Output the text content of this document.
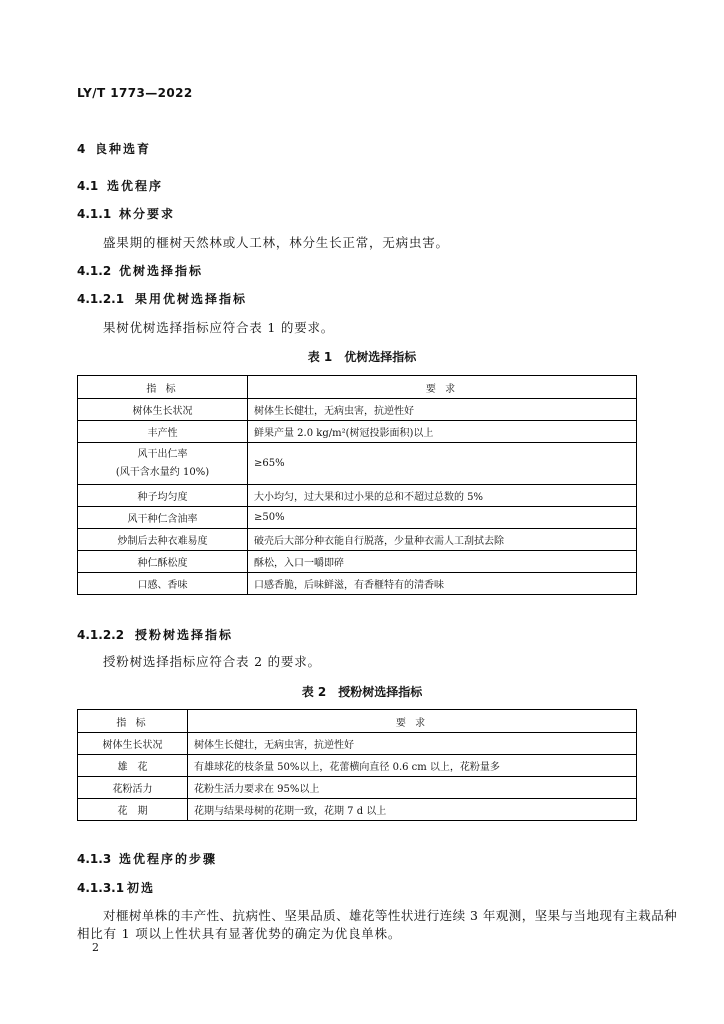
LY/T 1773—2022
4 良种选育
4.1 选优程序
4.1.1 林分要求
盛果期的榧树天然林或人工林，林分生长正常，无病虫害。
4.1.2 优树选择指标
4.1.2.1 果用优树选择指标
果树优树选择指标应符合表 1 的要求。
表 1　优树选择指标
指 标	要 求
树体生长状况	树体生长健壮，无病虫害，抗逆性好
丰产性	鲜果产量 2.0 kg/m²(树冠投影面积)以上

风干出仁率
(风干含水量约 10%)	≥65%
种子均匀度	大小均匀，过大果和过小果的总和不超过总数的 5%
风干种仁含油率	≥50%
炒制后去种衣难易度	破壳后大部分种衣能自行脱落，少量种衣需人工刮拭去除
种仁酥松度	酥松，入口一嚼即碎
口感、香味	口感香脆，后味鲜滋，有香榧特有的清香味
4.1.2.2 授粉树选择指标
授粉树选择指标应符合表 2 的要求。
表 2　授粉树选择指标
指 标	要 求
树体生长状况	树体生长健壮，无病虫害，抗逆性好
雄　花	有雄球花的枝条量 50%以上，花蕾横向直径 0.6 cm 以上，花粉量多
花粉活力	花粉生活力要求在 95%以上
花　期	花期与结果母树的花期一致，花期 7 d 以上
4.1.3 选优程序的步骤
4.1.3.1 初选
对榧树单株的丰产性、抗病性、坚果品质、雄花等性状进行连续 3 年观测，坚果与当地现有主栽品种
相比有 1 项以上性状具有显著优势的确定为优良单株。
2
